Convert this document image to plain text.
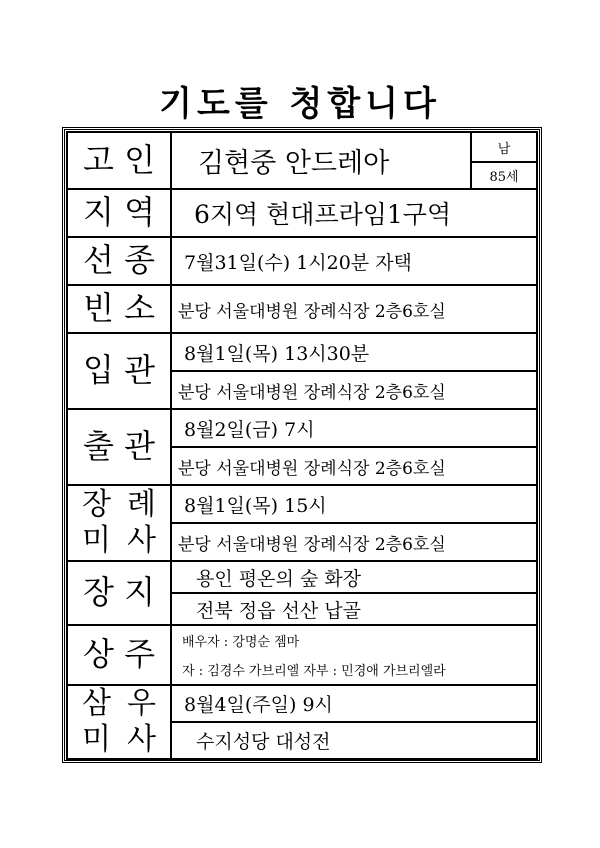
기도를 청합니다
고 인	김현중 안드레아	남
		85세
지 역	6지역 현대프라임1구역	
선 종	7월31일(수) 1시20분 자택	
빈 소	분당 서울대병원 장례식장 2층6호실	
입 관	8월1일(목) 13시30분	
	분당 서울대병원 장례식장 2층6호실	
출 관	8월2일(금) 7시	
	분당 서울대병원 장례식장 2층6호실	

장 례
미 사	8월1일(목) 15시	
	분당 서울대병원 장례식장 2층6호실	
장 지	용인 평온의 숲 화장	
	전북 정읍 선산 납골	
상 주	배우자 : 강명순 젬마	
	자 : 김경수 가브리엘 자부 : 민경애 가브리엘라	

삼 우
미 사	8월4일(주일) 9시	
	수지성당 대성전	
